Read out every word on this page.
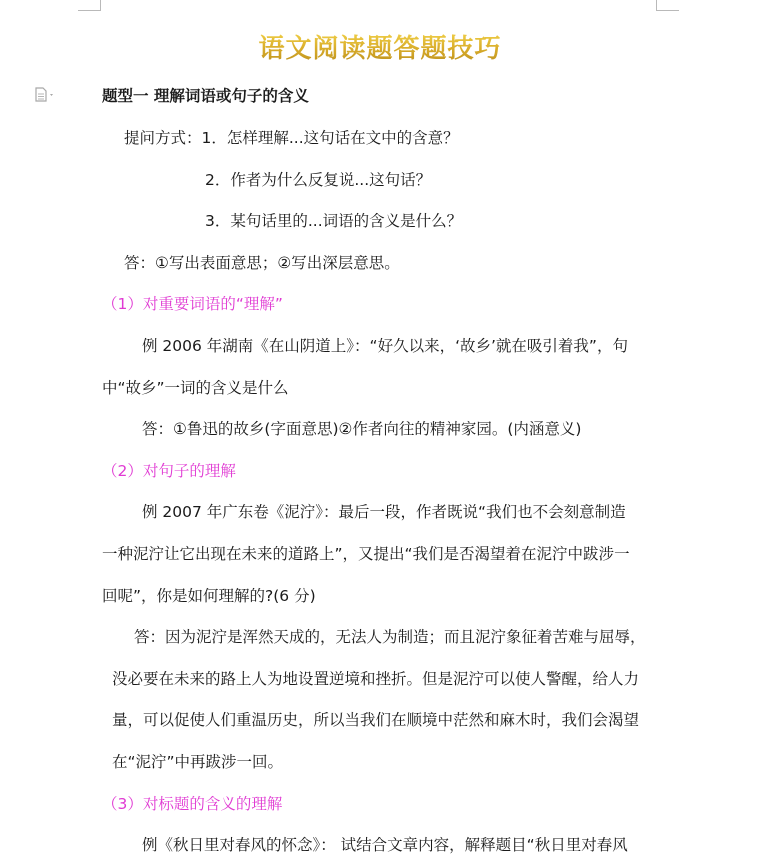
语文阅读题答题技巧
题型一 理解词语或句子的含义
提问方式：1．怎样理解...这句话在文中的含意？
2．作者为什么反复说...这句话？
3．某句话里的...词语的含义是什么？
答：①写出表面意思；②写出深层意思。
（1）对重要词语的“理解”
例 2006 年湖南《在山阴道上》：“好久以来，‘故乡’就在吸引着我”，句
中“故乡”一词的含义是什么
答：①鲁迅的故乡(字面意思)②作者向往的精神家园。(内涵意义)
（2）对句子的理解
例 2007 年广东卷《泥泞》：最后一段，作者既说“我们也不会刻意制造
一种泥泞让它出现在未来的道路上”，又提出“我们是否渴望着在泥泞中跋涉一
回呢”，你是如何理解的?(6 分)
答：因为泥泞是浑然天成的，无法人为制造；而且泥泞象征着苦难与屈辱，
没必要在未来的路上人为地设置逆境和挫折。但是泥泞可以使人警醒，给人力
量，可以促使人们重温历史，所以当我们在顺境中茫然和麻木时，我们会渴望
在“泥泞”中再跋涉一回。
（3）对标题的含义的理解
例《秋日里对春风的怀念》： 试结合文章内容，解释题目“秋日里对春风
